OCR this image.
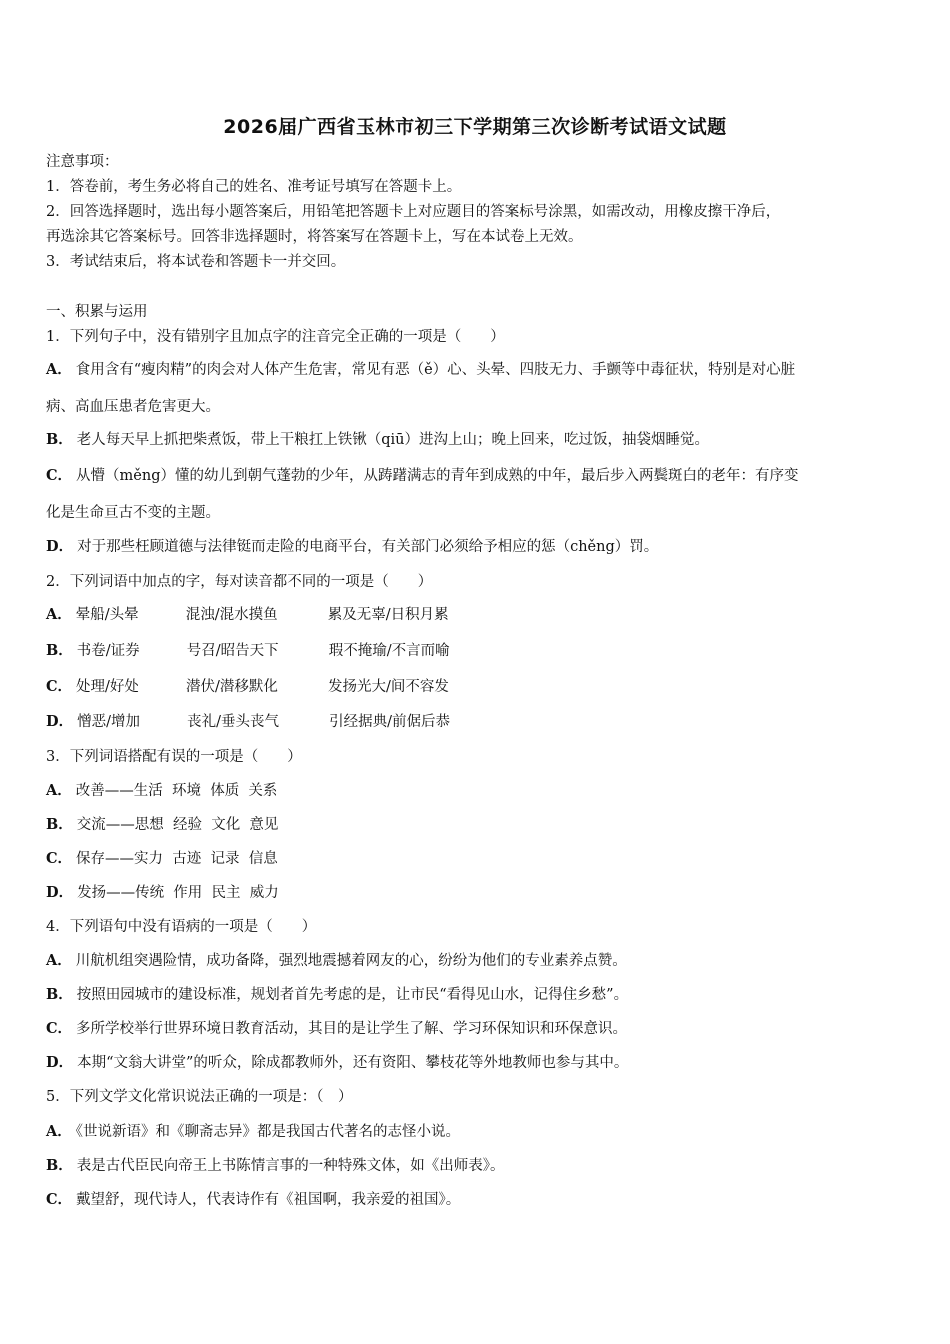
2026届广西省玉林市初三下学期第三次诊断考试语文试题
注意事项：
1．答卷前，考生务必将自己的姓名、准考证号填写在答题卡上。
2．回答选择题时，选出每小题答案后，用铅笔把答题卡上对应题目的答案标号涂黑，如需改动，用橡皮擦干净后，
再选涂其它答案标号。回答非选择题时，将答案写在答题卡上，写在本试卷上无效。
3．考试结束后，将本试卷和答题卡一并交回。
一、积累与运用
1．下列句子中，没有错别字且加点字的注音完全正确的一项是（　　）
A． 食用含有“瘦肉精”的肉会对人体产生危害，常见有恶（ě）心、头晕、四肢无力、手颤等中毒征状，特别是对心脏
病、高血压患者危害更大。
B． 老人每天早上抓把柴煮饭，带上干粮扛上铁锹（qiū）进沟上山；晚上回来，吃过饭，抽袋烟睡觉。
C． 从懵（měng）懂的幼儿到朝气蓬勃的少年，从踌躇满志的青年到成熟的中年，最后步入两鬓斑白的老年：有序变
化是生命亘古不变的主题。
D． 对于那些枉顾道德与法律铤而走险的电商平台，有关部门必须给予相应的惩（chěng）罚。
2．下列词语中加点的字，每对读音都不同的一项是（　　）
A． 晕船/头晕	混浊/混水摸鱼	累及无辜/日积月累
B． 书卷/证券	号召/昭告天下	瑕不掩瑜/不言而喻
C． 处理/好处	潜伏/潜移默化	发扬光大/间不容发
D． 憎恶/增加	丧礼/垂头丧气	引经据典/前倨后恭
3．下列词语搭配有误的一项是（　　）
A． 改善——生活  环境  体质  关系
B． 交流——思想  经验  文化  意见
C． 保存——实力  古迹  记录  信息
D． 发扬——传统  作用  民主  威力
4．下列语句中没有语病的一项是（　　）
A． 川航机组突遇险情，成功备降，强烈地震撼着网友的心，纷纷为他们的专业素养点赞。
B． 按照田园城市的建设标准，规划者首先考虑的是，让市民“看得见山水，记得住乡愁”。
C． 多所学校举行世界环境日教育活动，其目的是让学生了解、学习环保知识和环保意识。
D． 本期“文翁大讲堂”的听众，除成都教师外，还有资阳、攀枝花等外地教师也参与其中。
5．下列文学文化常识说法正确的一项是：（　）
A． 《世说新语》和《聊斋志异》都是我国古代著名的志怪小说。
B． 表是古代臣民向帝王上书陈情言事的一种特殊文体，如《出师表》。
C． 戴望舒，现代诗人，代表诗作有《祖国啊，我亲爱的祖国》。
